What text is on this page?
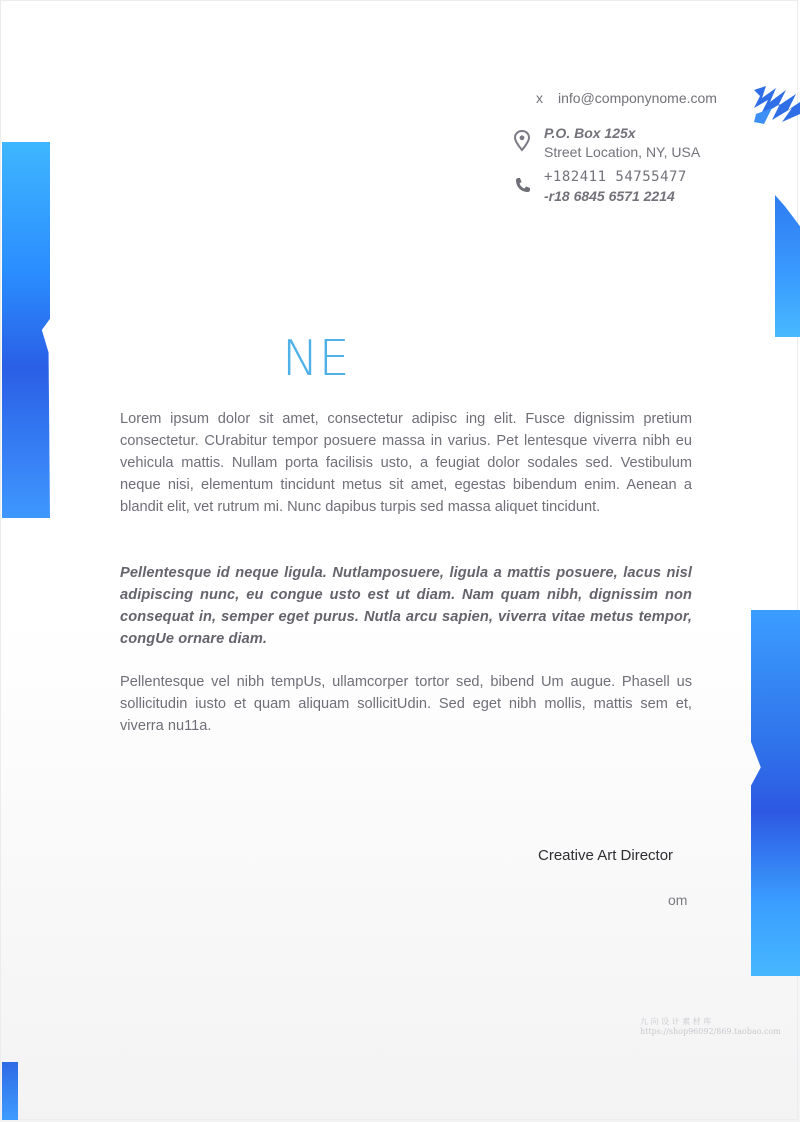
x info@componynome.com
P.O. Box 125x
Street Location, NY, USA
+182411 54755477
-r18 6845 6571 2214
NE

Lorem ipsum dolor sit amet, consectetur adipisc ing elit. Fusce dignissim pretium consectetur. CUrabitur tempor posuere massa in varius. Pet lentesque viverra nibh eu vehicula mattis. Nullam porta facilisis usto, a feugiat dolor sodales sed. Vestibulum neque nisi, elementum tincidunt metus sit amet, egestas bibendum enim. Aenean a blandit elit, vet rutrum mi. Nunc dapibus turpis sed massa aliquet tincidunt.

Pellentesque id neque ligula. Nutlamposuere, ligula a mattis posuere, lacus nisl adipiscing nunc, eu congue usto est ut diam. Nam quam nibh, dignissim non consequat in, semper eget purus. Nutla arcu sapien, viverra vitae metus tempor, congUe ornare diam.

Pellentesque vel nibh tempUs, ullamcorper tortor sed, bibend Um augue. Phasell us sollicitudin iusto et quam aliquam sollicitUdin. Sed eget nibh mollis, mattis sem et, viverra nu11a.

Creative Art Director
om
九 向 设 计 素 材 库
https://shop96092/869.taobao.com
